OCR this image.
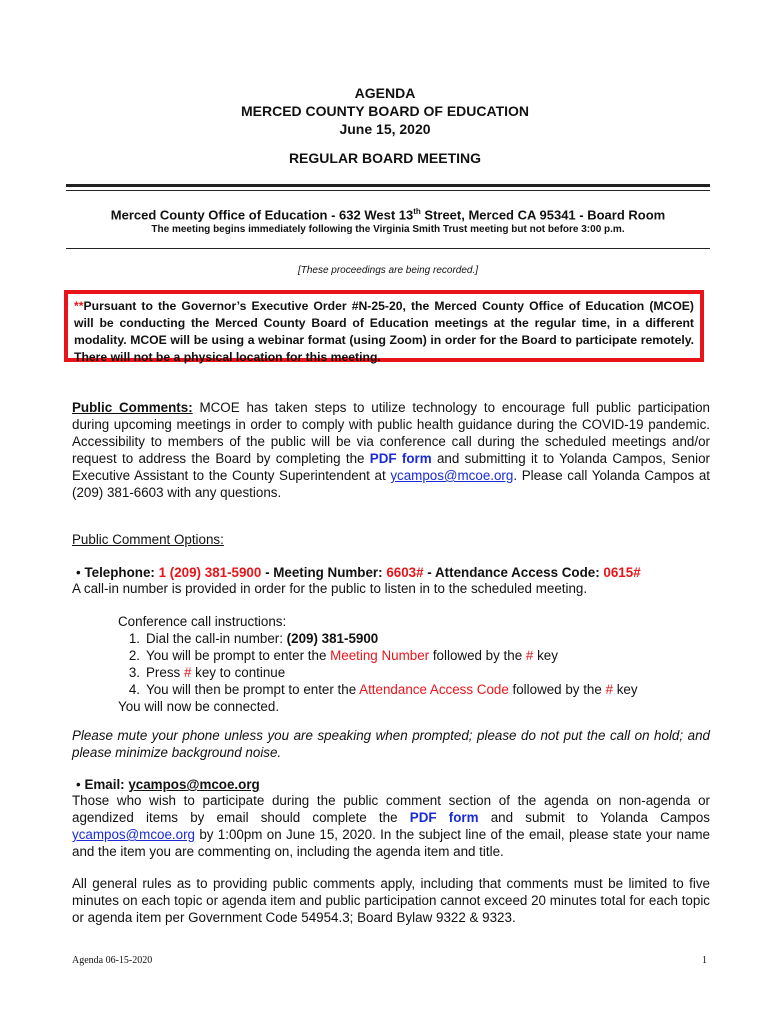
AGENDA
MERCED COUNTY BOARD OF EDUCATION
June 15, 2020
REGULAR BOARD MEETING
Merced County Office of Education - 632 West 13th Street, Merced CA 95341 - Board Room
The meeting begins immediately following the Virginia Smith Trust meeting but not before 3:00 p.m.
[These proceedings are being recorded.]
**Pursuant to the Governor’s Executive Order #N-25-20, the Merced County Office of Education (MCOE) will be conducting the Merced County Board of Education meetings at the regular time, in a different modality. MCOE will be using a webinar format (using Zoom) in order for the Board to participate remotely. There will not be a physical location for this meeting.
Public Comments: MCOE has taken steps to utilize technology to encourage full public participation during upcoming meetings in order to comply with public health guidance during the COVID-19 pandemic. Accessibility to members of the public will be via conference call during the scheduled meetings and/or request to address the Board by completing the PDF form and submitting it to Yolanda Campos, Senior Executive Assistant to the County Superintendent at ycampos@mcoe.org. Please call Yolanda Campos at (209) 381-6603 with any questions.
Public Comment Options:
• Telephone: 1 (209) 381-5900 - Meeting Number: 6603# - Attendance Access Code: 0615#
A call-in number is provided in order for the public to listen in to the scheduled meeting.
Conference call instructions:
1. Dial the call-in number: (209) 381-5900
2. You will be prompt to enter the Meeting Number followed by the # key
3. Press # key to continue
4. You will then be prompt to enter the Attendance Access Code followed by the # key
You will now be connected.
Please mute your phone unless you are speaking when prompted; please do not put the call on hold; and please minimize background noise.
• Email: ycampos@mcoe.org
Those who wish to participate during the public comment section of the agenda on non-agenda or agendized items by email should complete the PDF form and submit to Yolanda Campos ycampos@mcoe.org by 1:00pm on June 15, 2020. In the subject line of the email, please state your name and the item you are commenting on, including the agenda item and title.
All general rules as to providing public comments apply, including that comments must be limited to five minutes on each topic or agenda item and public participation cannot exceed 20 minutes total for each topic or agenda item per Government Code 54954.3; Board Bylaw 9322 & 9323.
Agenda 06-15-2020	1
